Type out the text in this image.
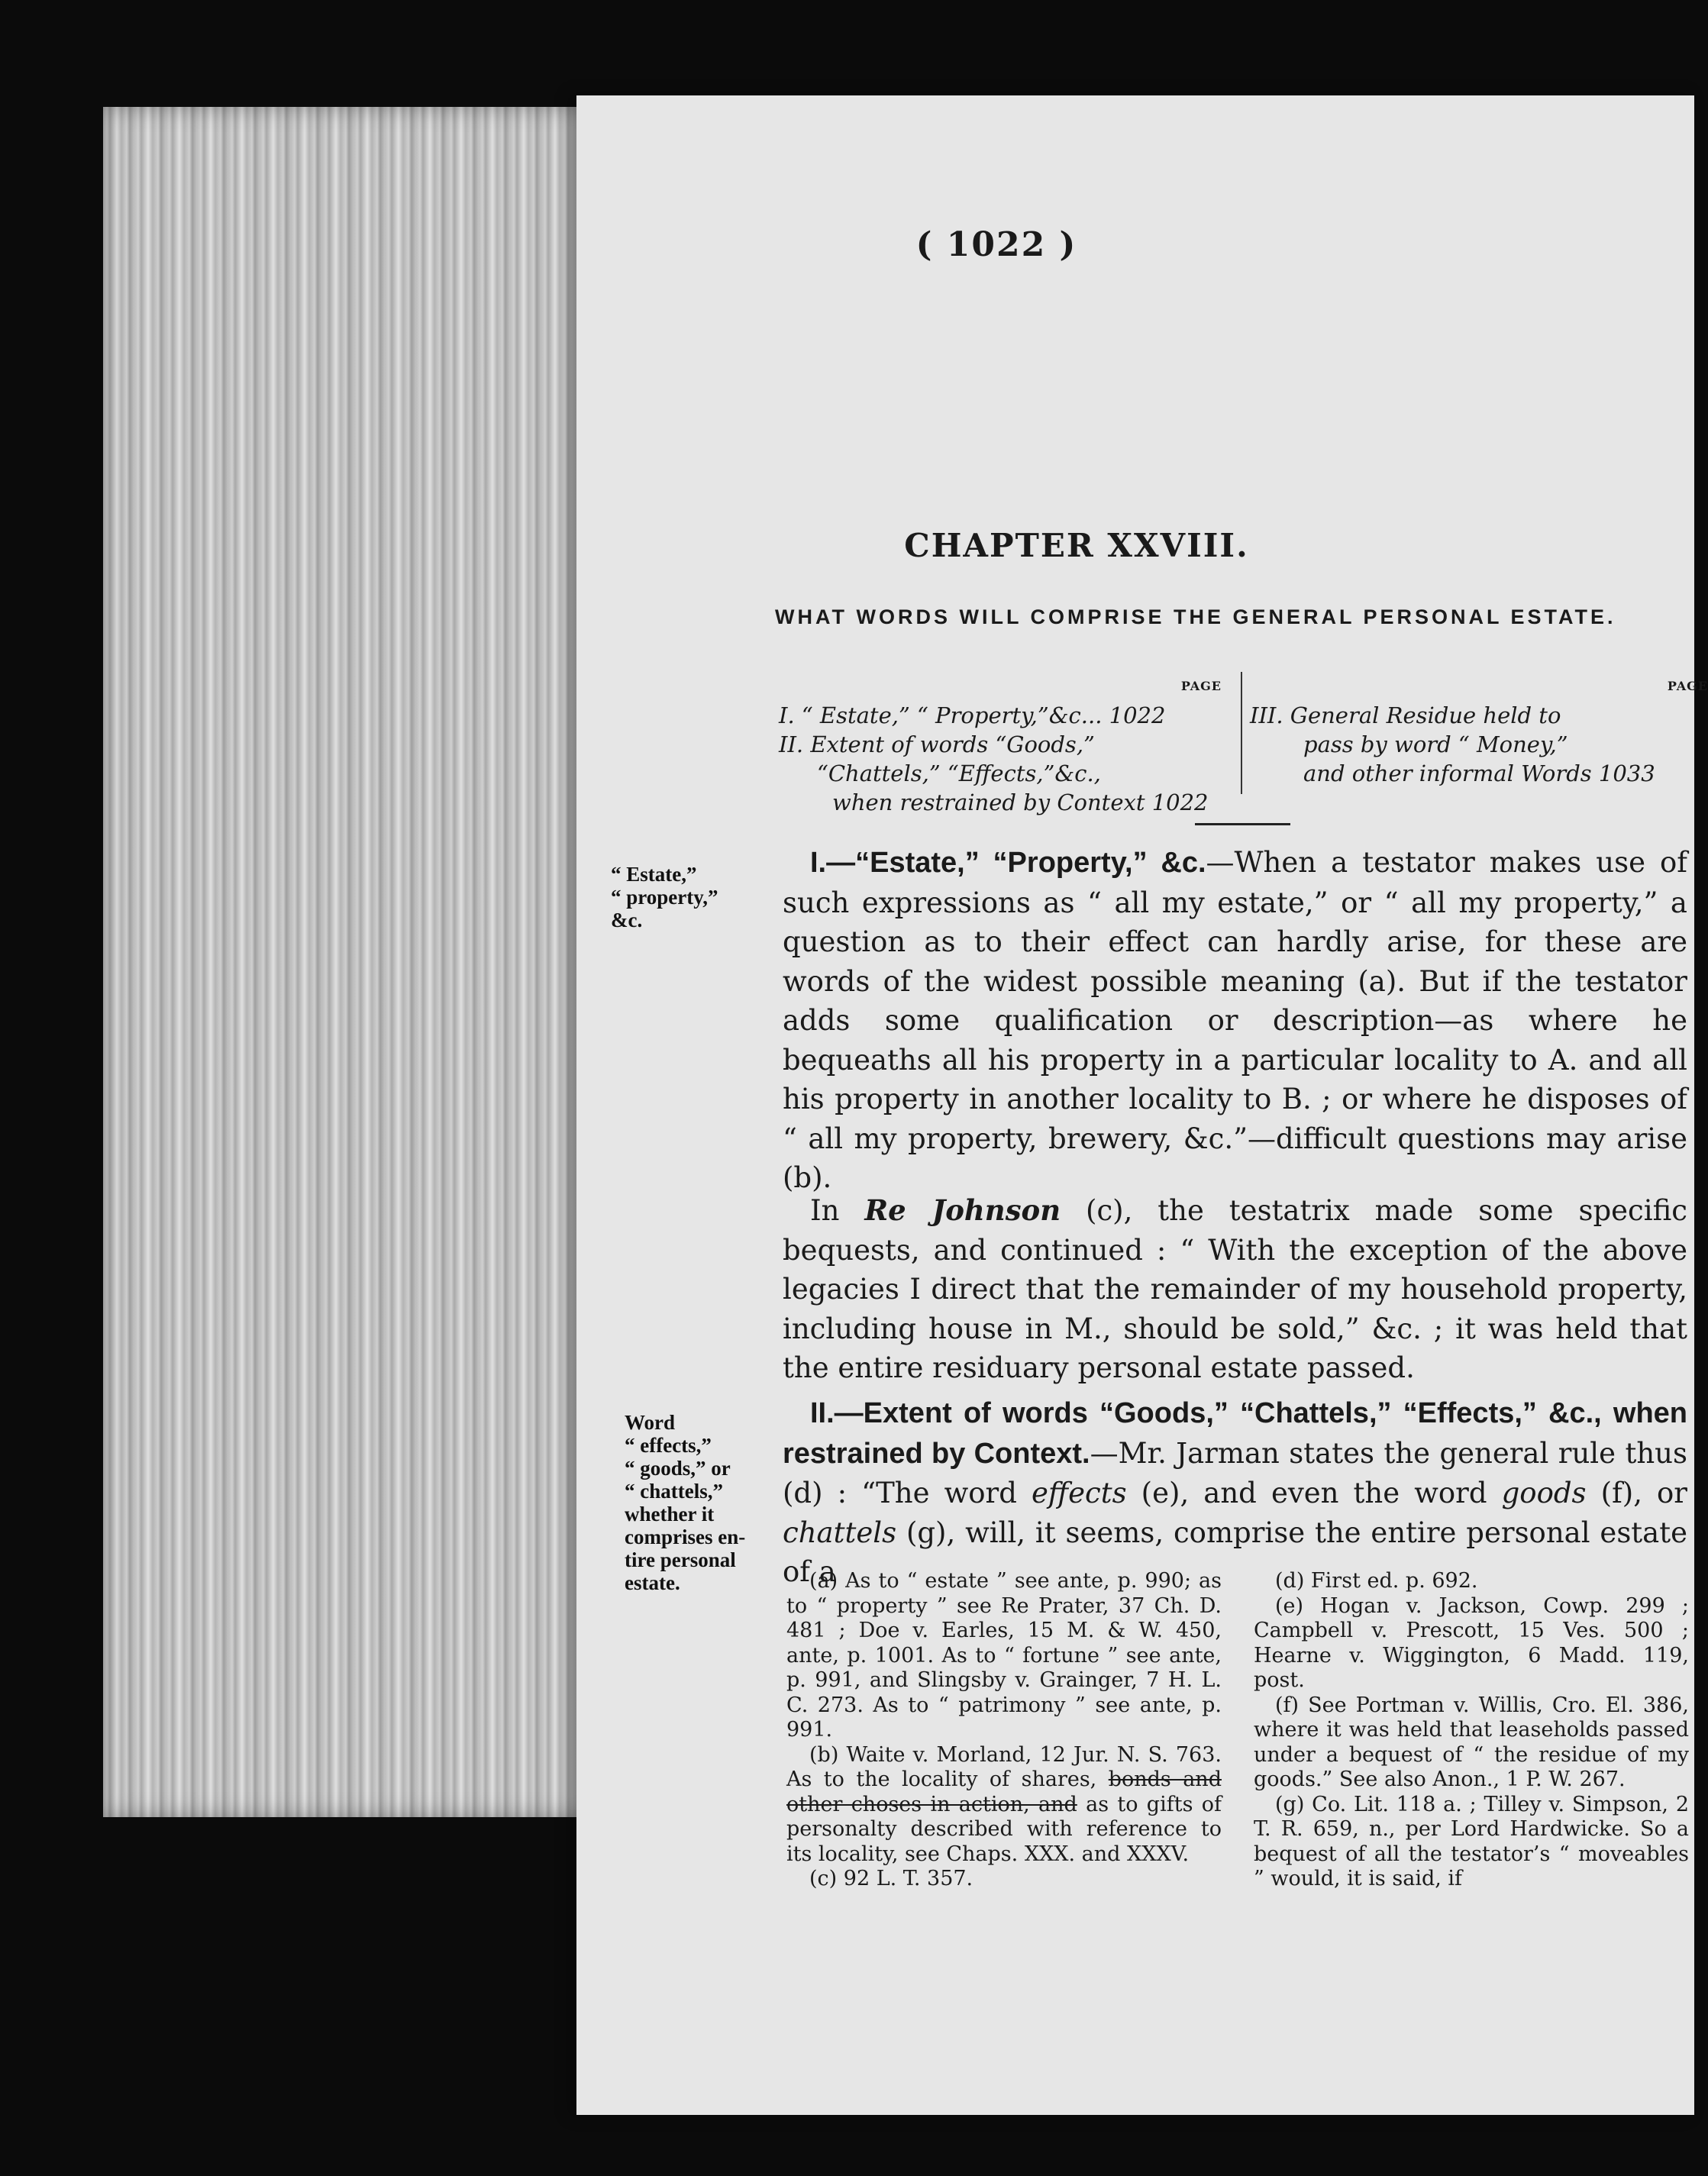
( 1022 )
CHAPTER XXVIII.
WHAT WORDS WILL COMPRISE THE GENERAL PERSONAL ESTATE.
PAGE
I. “ Estate,” “ Property,”&c... 1022
II. Extent of words “Goods,”
“Chattels,” “Effects,”&c.,
when restrained by Context 1022
PAGE
III. General Residue held to
pass by word “ Money,”
and other informal Words 1033
“ Estate,”
“ property,”
&c.
Word
“ effects,”
“ goods,” or
“ chattels,”
whether it
comprises en-
tire personal
estate.
I.—“Estate,” “Property,” &c.—When a testator makes use of such expressions as “ all my estate,” or “ all my property,” a question as to their effect can hardly arise, for these are words of the widest possible meaning (a). But if the testator adds some qualification or description—as where he bequeaths all his property in a particular locality to A. and all his property in another locality to B. ; or where he disposes of “ all my property, brewery, &c.”—difficult questions may arise (b).
In Re Johnson (c), the testatrix made some specific bequests, and continued : “ With the exception of the above legacies I direct that the remainder of my household property, including house in M., should be sold,” &c. ; it was held that the entire residuary personal estate passed.
II.—Extent of words “Goods,” “Chattels,” “Effects,” &c., when restrained by Context.—Mr. Jarman states the general rule thus (d) : “The word effects (e), and even the word goods (f), or chattels (g), will, it seems, comprise the entire personal estate of a

(a) As to “ estate ” see ante, p. 990; as to “ property ” see Re Prater, 37 Ch. D. 481 ; Doe v. Earles, 15 M. & W. 450, ante, p. 1001. As to “ fortune ” see ante, p. 991, and Slingsby v. Grainger, 7 H. L. C. 273. As to “ patrimony ” see ante, p. 991.

(b) Waite v. Morland, 12 Jur. N. S. 763. As to the locality of shares, bonds and other choses in action, and as to gifts of personalty described with reference to its locality, see Chaps. XXX. and XXXV.

(c) 92 L. T. 357.

(d) First ed. p. 692.

(e) Hogan v. Jackson, Cowp. 299 ; Campbell v. Prescott, 15 Ves. 500 ; Hearne v. Wiggington, 6 Madd. 119, post.

(f) See Portman v. Willis, Cro. El. 386, where it was held that leaseholds passed under a bequest of “ the residue of my goods.” See also Anon., 1 P. W. 267.

(g) Co. Lit. 118 a. ; Tilley v. Simpson, 2 T. R. 659, n., per Lord Hardwicke. So a bequest of all the testator’s “ moveables ” would, it is said, if
